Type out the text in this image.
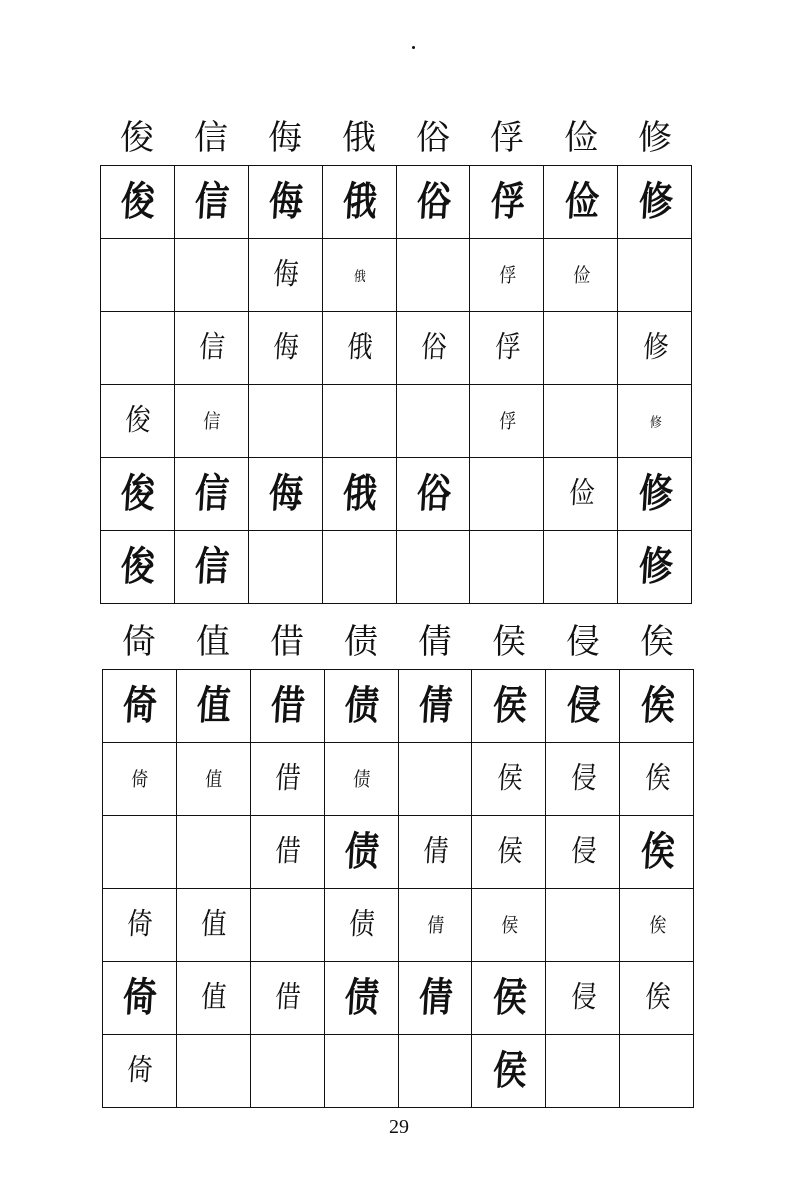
俊	信	侮	俄	俗	俘	俭	修
俊	信	侮	俄	俗	俘	俭	修
		侮	俄		俘	俭	
	信	侮	俄	俗	俘		修
俊	信				俘		修
俊	信	侮	俄	俗		俭	修
俊	信						修
倚	值	借	债	倩	侯	侵	俟
倚	值	借	债	倩	侯	侵	俟
倚	值	借	债		侯	侵	俟
		借	债	倩	侯	侵	俟
倚	值		债	倩	侯		俟
倚	值	借	债	倩	侯	侵	俟
倚					侯		
29
